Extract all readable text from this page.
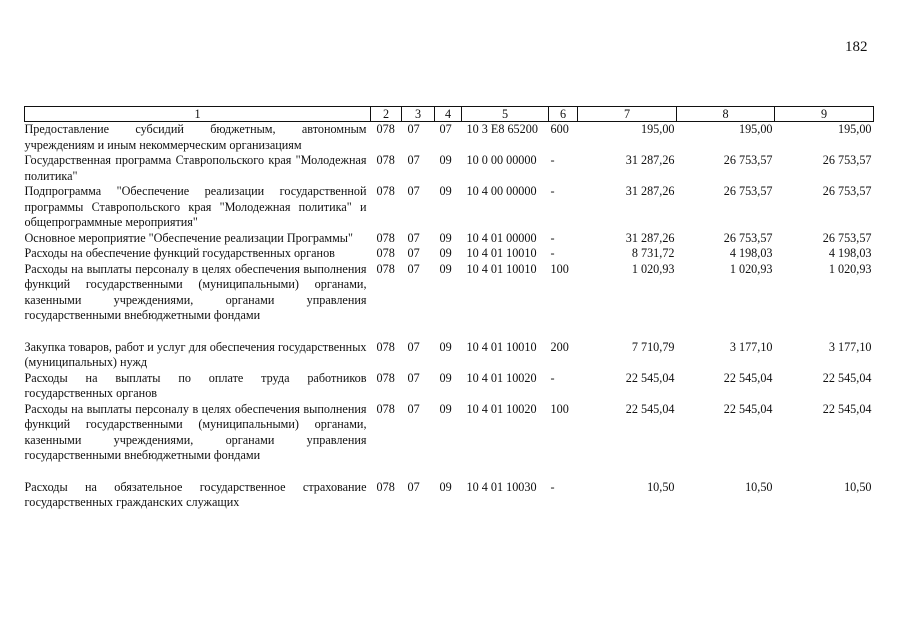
182
1	2	3	4	5	6	7	8	9
Предоставление субсидий бюджетным, автономным учреждениям и иным некоммерческим организациям	078	07	07	10 3 E8 65200	600	195,00	195,00	195,00
Государственная программа Ставропольского края "Молодежная политика"	078	07	09	10 0 00 00000	-	31 287,26	26 753,57	26 753,57
Подпрограмма "Обеспечение реализации государственной программы Ставропольского края "Молодежная политика" и общепрограммные мероприятия"	078	07	09	10 4 00 00000	-	31 287,26	26 753,57	26 753,57
Основное мероприятие "Обеспечение реализации Программы"	078	07	09	10 4 01 00000	-	31 287,26	26 753,57	26 753,57
Расходы на обеспечение функций государственных органов	078	07	09	10 4 01 10010	-	8 731,72	4 198,03	4 198,03
Расходы на выплаты персоналу в целях обеспечения выполнения функций государственными (муниципальными) органами, казенными учреждениями, органами управления государственными внебюджетными фондами	078	07	09	10 4 01 10010	100	1 020,93	1 020,93	1 020,93
Закупка товаров, работ и услуг для обеспечения государственных (муниципальных) нужд	078	07	09	10 4 01 10010	200	7 710,79	3 177,10	3 177,10
Расходы на выплаты по оплате труда работников государственных органов	078	07	09	10 4 01 10020	-	22 545,04	22 545,04	22 545,04
Расходы на выплаты персоналу в целях обеспечения выполнения функций государственными (муниципальными) органами, казенными учреждениями, органами управления государственными внебюджетными фондами	078	07	09	10 4 01 10020	100	22 545,04	22 545,04	22 545,04
Расходы на обязательное государственное страхование государственных гражданских служащих	078	07	09	10 4 01 10030	-	10,50	10,50	10,50
